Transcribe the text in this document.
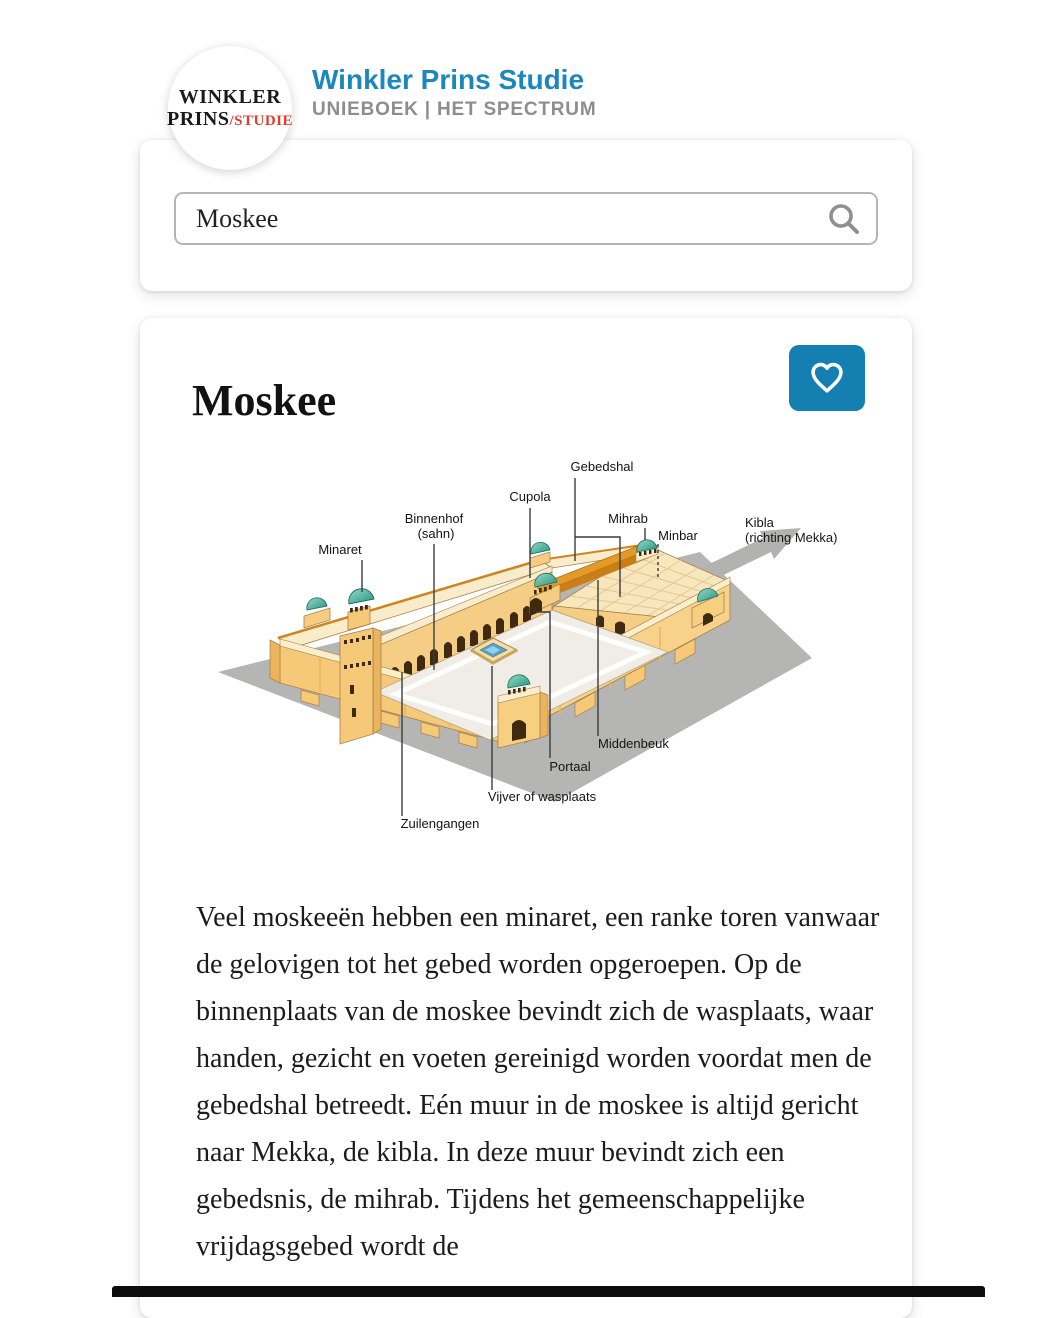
WINKLER
PRINS/STUDIE
Winkler Prins Studie
UNIEBOEK | HET SPECTRUM
Moskee
Moskee
Gebedshal
Cupola
Binnenhof
(sahn)
Mihrab
Minbar
Kibla
(richting Mekka)
Minaret
Middenbeuk
Portaal
Vijver of wasplaats
Zuilengangen

Veel moskeeën hebben een minaret, een ranke toren vanwaar de gelovigen tot het gebed worden opgeroepen. Op de binnenplaats van de moskee bevindt zich de wasplaats, waar handen, gezicht en voeten gereinigd worden voordat men de gebedshal betreedt. Eén muur in de moskee is altijd gericht naar Mekka, de kibla. In deze muur bevindt zich een gebedsnis, de mihrab. Tijdens het gemeenschappelijke vrijdagsgebed wordt de
